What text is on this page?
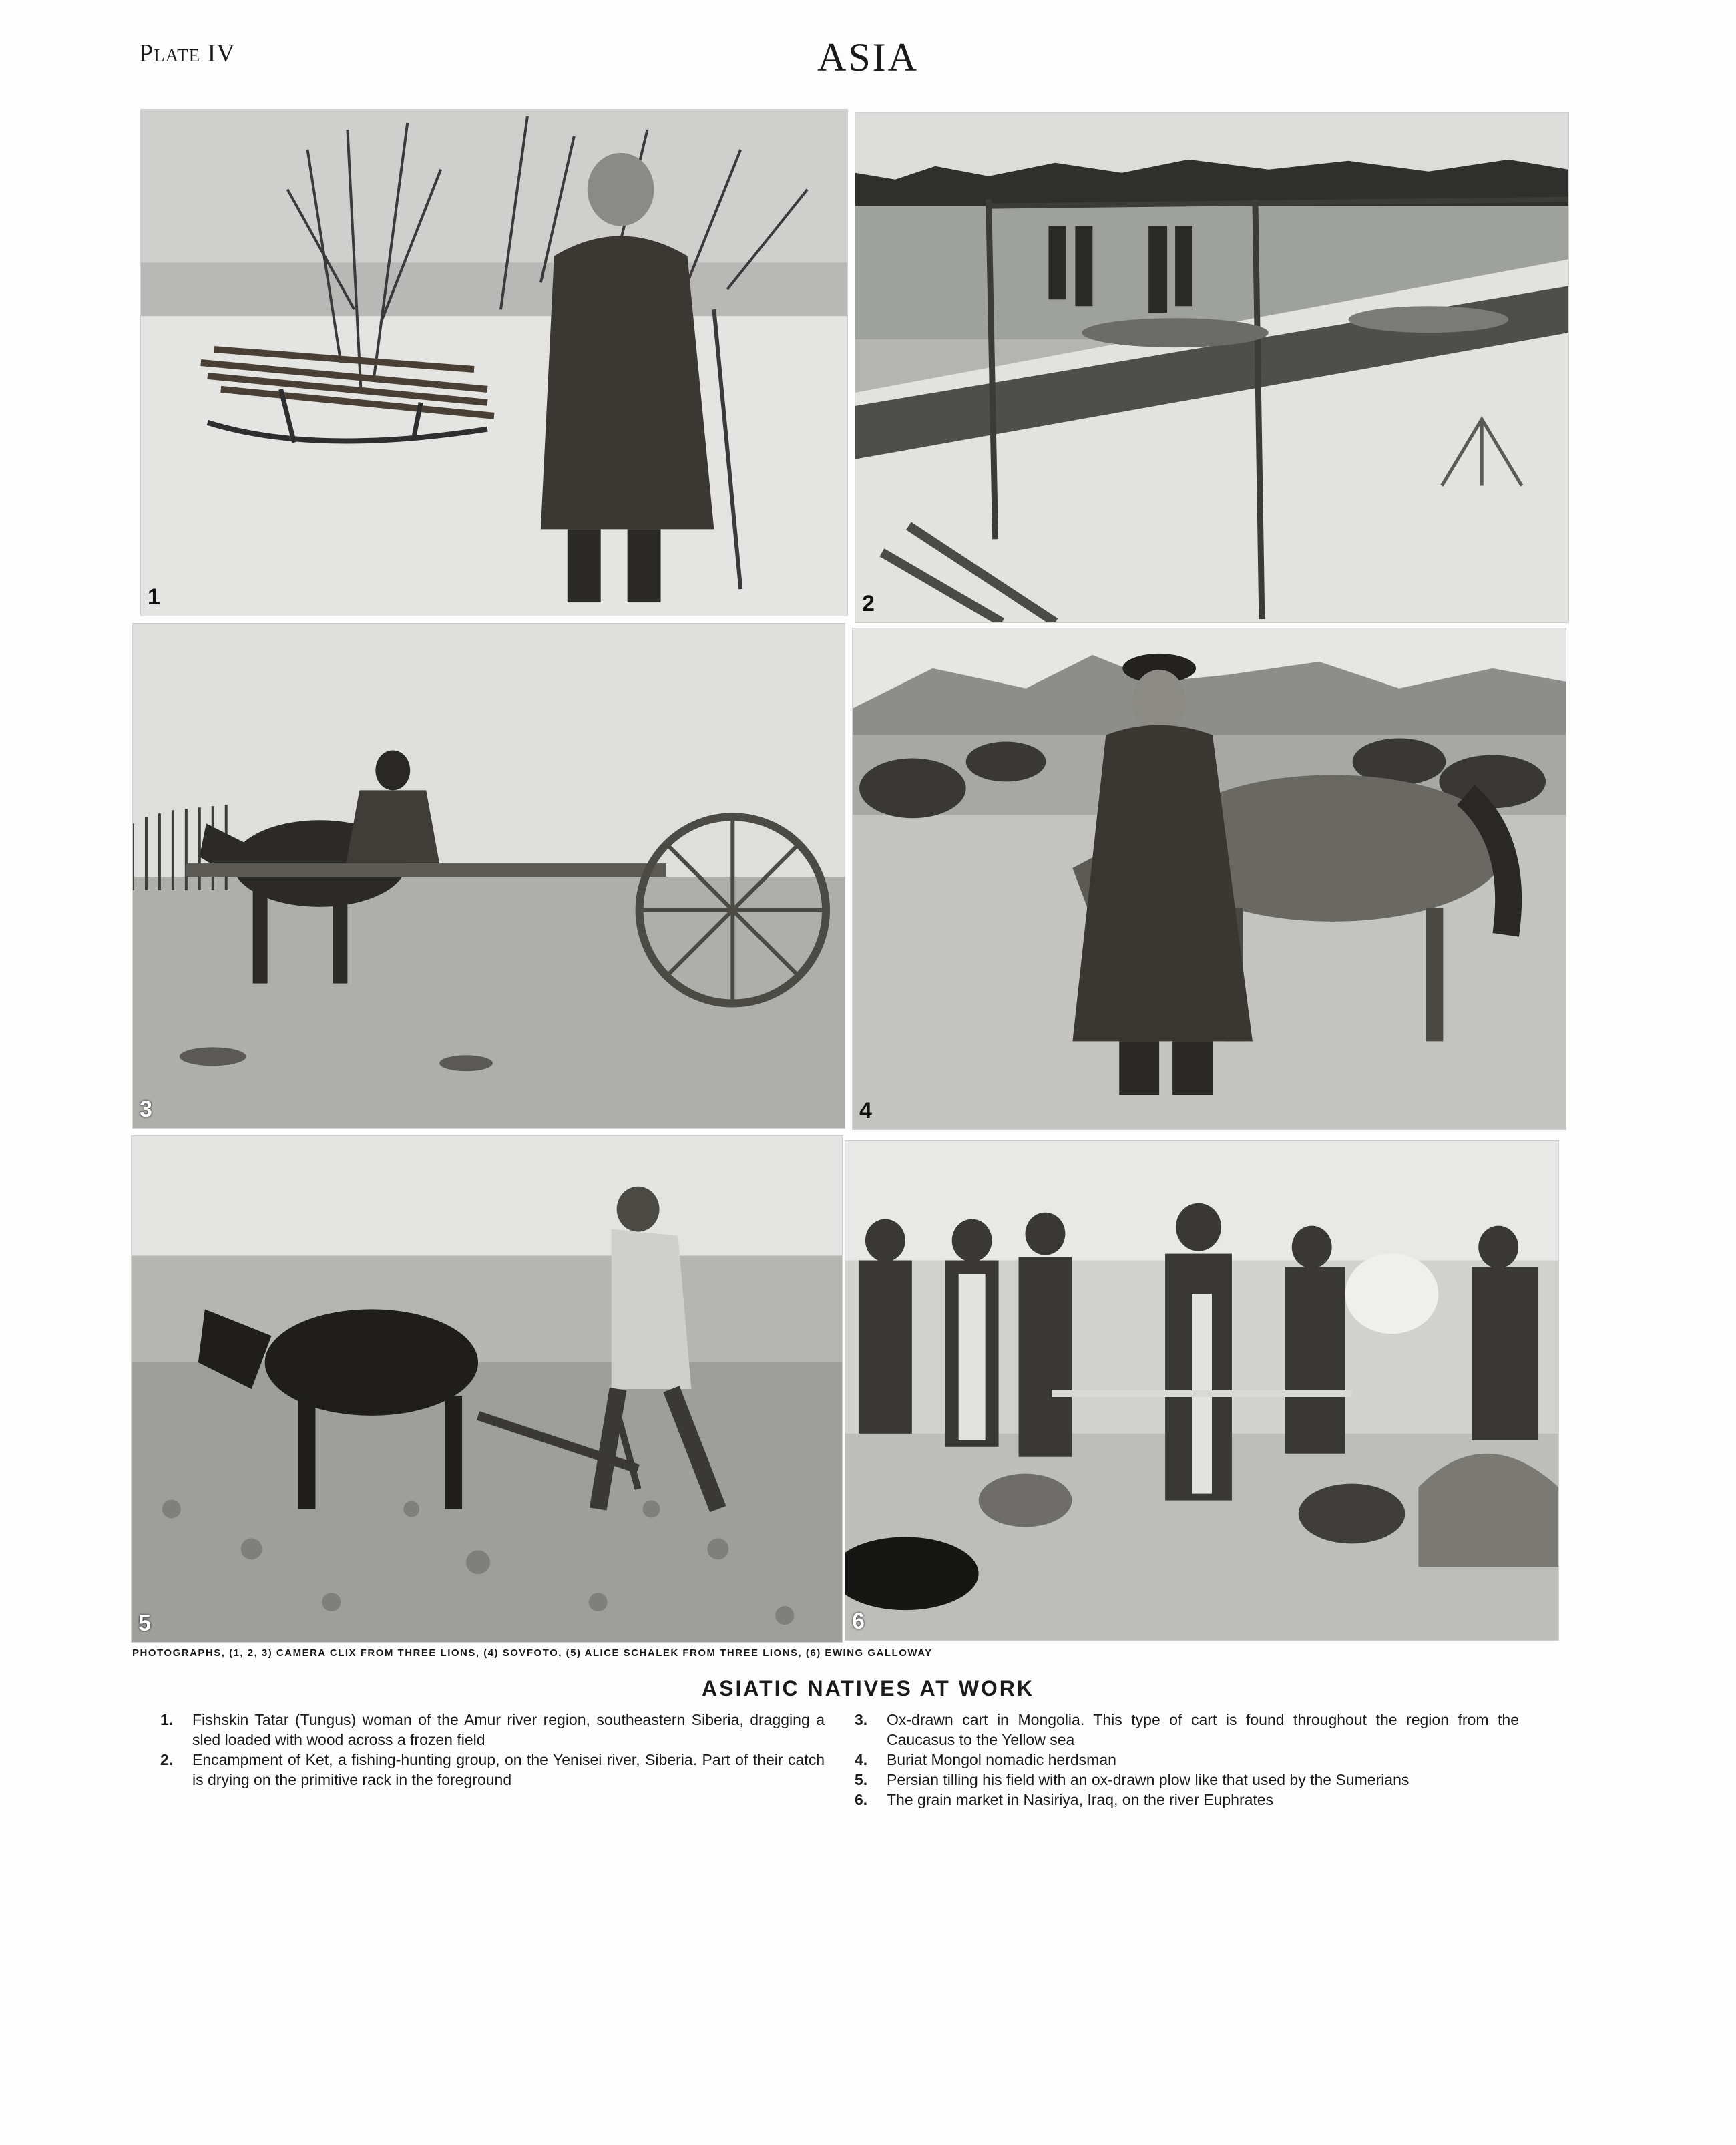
Plate IV	ASIA
1	2
3	4
5	6
PHOTOGRAPHS, (1, 2, 3) CAMERA CLIX FROM THREE LIONS, (4) SOVFOTO, (5) ALICE SCHALEK FROM THREE LIONS, (6) EWING GALLOWAY
ASIATIC NATIVES AT WORK
1.	Fishskin Tatar (Tungus) woman of the Amur river region, southeastern Siberia, dragging a sled loaded with wood across a frozen field
2.	Encampment of Ket, a fishing-hunting group, on the Yenisei river, Siberia. Part of their catch is drying on the primitive rack in the foreground
3.	Ox-drawn cart in Mongolia. This type of cart is found throughout the region from the Caucasus to the Yellow sea
4.	Buriat Mongol nomadic herdsman
5.	Persian tilling his field with an ox-drawn plow like that used by the Sumerians
6.	The grain market in Nasiriya, Iraq, on the river Euphrates
